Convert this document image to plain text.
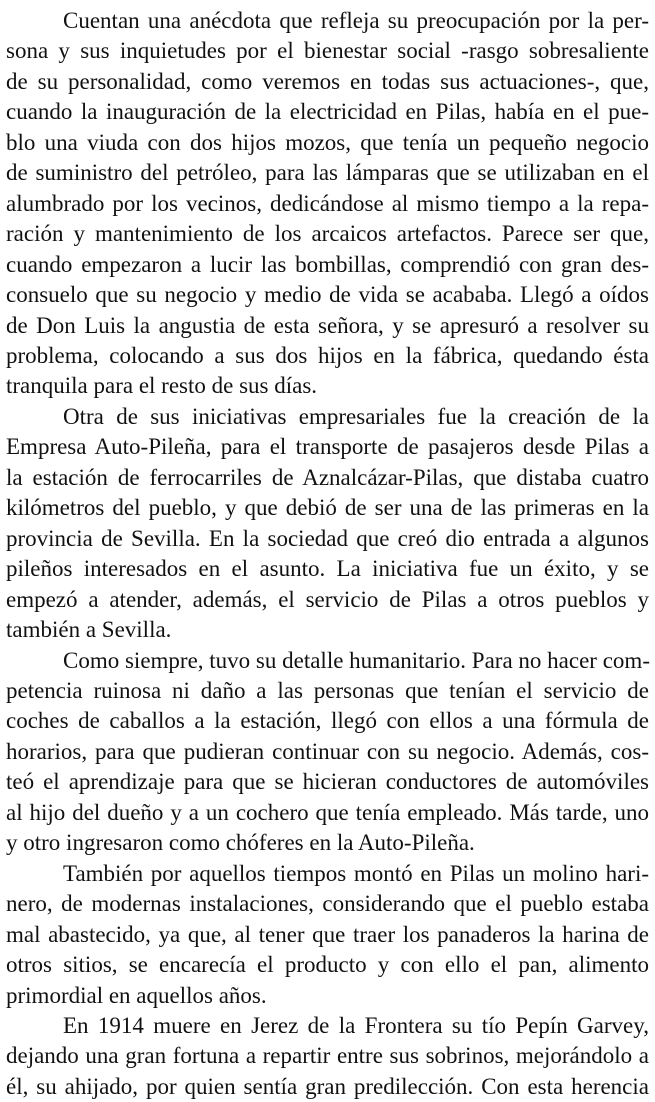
Cuentan una anécdota que refleja su preocupación por la per-
sona y sus inquietudes por el bienestar social -rasgo sobresaliente
de su personalidad, como veremos en todas sus actuaciones-, que,
cuando la inauguración de la electricidad en Pilas, había en el pue-
blo una viuda con dos hijos mozos, que tenía un pequeño negocio
de suministro del petróleo, para las lámparas que se utilizaban en el
alumbrado por los vecinos, dedicándose al mismo tiempo a la repa-
ración y mantenimiento de los arcaicos artefactos. Parece ser que,
cuando empezaron a lucir las bombillas, comprendió con gran des-
consuelo que su negocio y medio de vida se acababa. Llegó a oídos
de Don Luis la angustia de esta señora, y se apresuró a resolver su
problema, colocando a sus dos hijos en la fábrica, quedando ésta
tranquila para el resto de sus días.

Otra de sus iniciativas empresariales fue la creación de la
Empresa Auto-Pileña, para el transporte de pasajeros desde Pilas a
la estación de ferrocarriles de Aznalcázar-Pilas, que distaba cuatro
kilómetros del pueblo, y que debió de ser una de las primeras en la
provincia de Sevilla. En la sociedad que creó dio entrada a algunos
pileños interesados en el asunto. La iniciativa fue un éxito, y se
empezó a atender, además, el servicio de Pilas a otros pueblos y
también a Sevilla.

Como siempre, tuvo su detalle humanitario. Para no hacer com-
petencia ruinosa ni daño a las personas que tenían el servicio de
coches de caballos a la estación, llegó con ellos a una fórmula de
horarios, para que pudieran continuar con su negocio. Además, cos-
teó el aprendizaje para que se hicieran conductores de automóviles
al hijo del dueño y a un cochero que tenía empleado. Más tarde, uno
y otro ingresaron como chóferes en la Auto-Pileña.

También por aquellos tiempos montó en Pilas un molino hari-
nero, de modernas instalaciones, considerando que el pueblo estaba
mal abastecido, ya que, al tener que traer los panaderos la harina de
otros sitios, se encarecía el producto y con ello el pan, alimento
primordial en aquellos años.

En 1914 muere en Jerez de la Frontera su tío Pepín Garvey,
dejando una gran fortuna a repartir entre sus sobrinos, mejorándolo a
él, su ahijado, por quien sentía gran predilección. Con esta herencia
